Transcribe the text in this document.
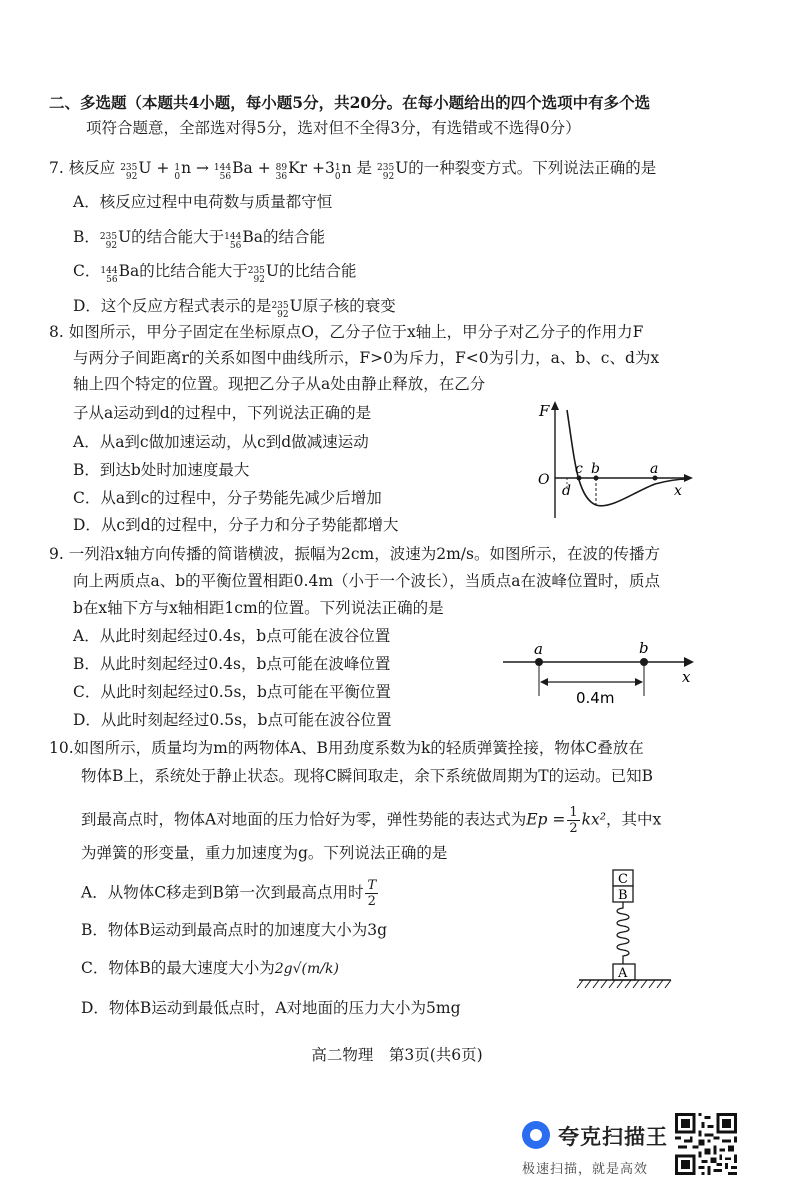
二、多选题（本题共4小题，每小题5分，共20分。在每小题给出的四个选项中有多个选
项符合题意，全部选对得5分，选对但不全得3分，有选错或不选得0分）
7. 核反应 235
92 U + 1
0 n → 144
56 Ba + 89
36 Kr +3 1
0 n 是 235
92 U的一种裂变方式。下列说法正确的是
A．核反应过程中电荷数与质量都守恒
B． 235
92 U的结合能大于 144
56 Ba的结合能
C． 144
56 Ba的比结合能大于 235
92 U的比结合能
D．这个反应方程式表示的是 235
92 U原子核的衰变
8. 如图所示，甲分子固定在坐标原点O，乙分子位于x轴上，甲分子对乙分子的作用力F
与两分子间距离r的关系如图中曲线所示，F>0为斥力，F<0为引力，a、b、c、d为x
轴上四个特定的位置。现把乙分子从a处由静止释放，在乙分
子从a运动到d的过程中，下列说法正确的是
A．从a到c做加速运动，从c到d做减速运动
B．到达b处时加速度最大
C．从a到c的过程中，分子势能先减少后增加
D．从c到d的过程中，分子力和分子势能都增大
F
O
c b	a
d	x
9. 一列沿x轴方向传播的简谐横波，振幅为2cm，波速为2m/s。如图所示，在波的传播方
向上两质点a、b的平衡位置相距0.4m（小于一个波长），当质点a在波峰位置时，质点
b在x轴下方与x轴相距1cm的位置。下列说法正确的是
A．从此时刻起经过0.4s，b点可能在波谷位置
B．从此时刻起经过0.4s，b点可能在波峰位置
C．从此时刻起经过0.5s，b点可能在平衡位置
D．从此时刻起经过0.5s，b点可能在波谷位置
a	b
x
0.4m
10.如图所示，质量均为m的两物体A、B用劲度系数为k的轻质弹簧拴接，物体C叠放在
物体B上，系统处于静止状态。现将C瞬间取走，余下系统做周期为T的运动。已知B
到最高点时，物体A对地面的压力恰好为零，弹性势能的表达式为$Ep = \frac{1}{2} kx^2$，其中x
为弹簧的形变量，重力加速度为g。下列说法正确的是
A．从物体C移走到B第一次到最高点用时 $\frac{T}{2}$
B．物体B运动到最高点时的加速度大小为3g
C．物体B的最大速度大小为2g√(m/k)
D．物体B运动到最低点时，A对地面的压力大小为5mg
C
B
A
高二物理　第3页(共6页)
夸克扫描王
极速扫描，就是高效
